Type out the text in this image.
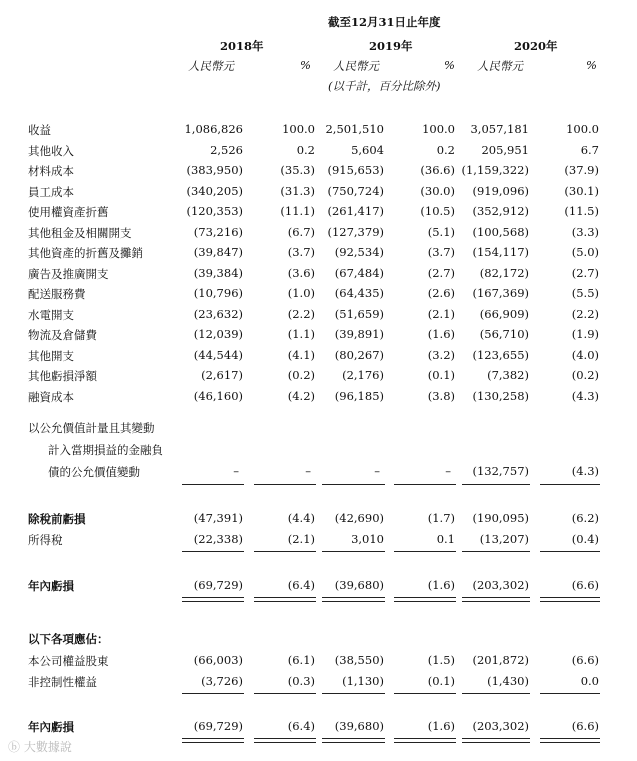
截至12月31日止年度
2018年	2019年	2020年
人民幣元	% 人民幣元	% 人民幣元	%
(以千計，百分比除外)
收益	1,086,826	100.0 2,501,510	100.0 3,057,181	100.0
其他收入	2,526	0.2	5,604	0.2 205,951	6.7
材料成本	(383,950)	(35.3) (915,653)	(36.6) (1,159,322)	(37.9)
員工成本	(340,205)	(31.3) (750,724)	(30.0) (919,096)	(30.1)
使用權資產折舊	(120,353)	(11.1) (261,417)	(10.5) (352,912)	(11.5)
其他租金及相關開支	(73,216)	(6.7) (127,379)	(5.1) (100,568)	(3.3)
其他資產的折舊及攤銷	(39,847)	(3.7) (92,534)	(3.7) (154,117)	(5.0)
廣告及推廣開支	(39,384)	(3.6) (67,484)	(2.7) (82,172)	(2.7)
配送服務費	(10,796)	(1.0) (64,435)	(2.6) (167,369)	(5.5)
水電開支	(23,632)	(2.2) (51,659)	(2.1) (66,909)	(2.2)
物流及倉儲費	(12,039)	(1.1) (39,891)	(1.6) (56,710)	(1.9)
其他開支	(44,544)	(4.1) (80,267)	(3.2) (123,655)	(4.0)
其他虧損淨額	(2,617)	(0.2) (2,176)	(0.1)	(7,382)	(0.2)
融資成本	(46,160)	(4.2) (96,185)	(3.8) (130,258)	(4.3)
以公允價值計量且其變動
計入當期損益的金融負
債的公允價值變動	–	–	–	– (132,757)	(4.3)
除稅前虧損	(47,391)	(4.4) (42,690)	(1.7) (190,095)	(6.2)
所得稅	(22,338)	(2.1)	3,010	0.1 (13,207)	(0.4)
年內虧損	(69,729)	(6.4) (39,680)	(1.6) (203,302)	(6.6)
以下各項應佔：
本公司權益股東	(66,003)	(6.1) (38,550)	(1.5) (201,872)	(6.6)
非控制性權益	(3,726)	(0.3) (1,130)	(0.1)	(1,430)	0.0
年內虧損	(69,729)	(6.4) (39,680)	(1.6) (203,302)	(6.6)
ⓑ 大數據說
